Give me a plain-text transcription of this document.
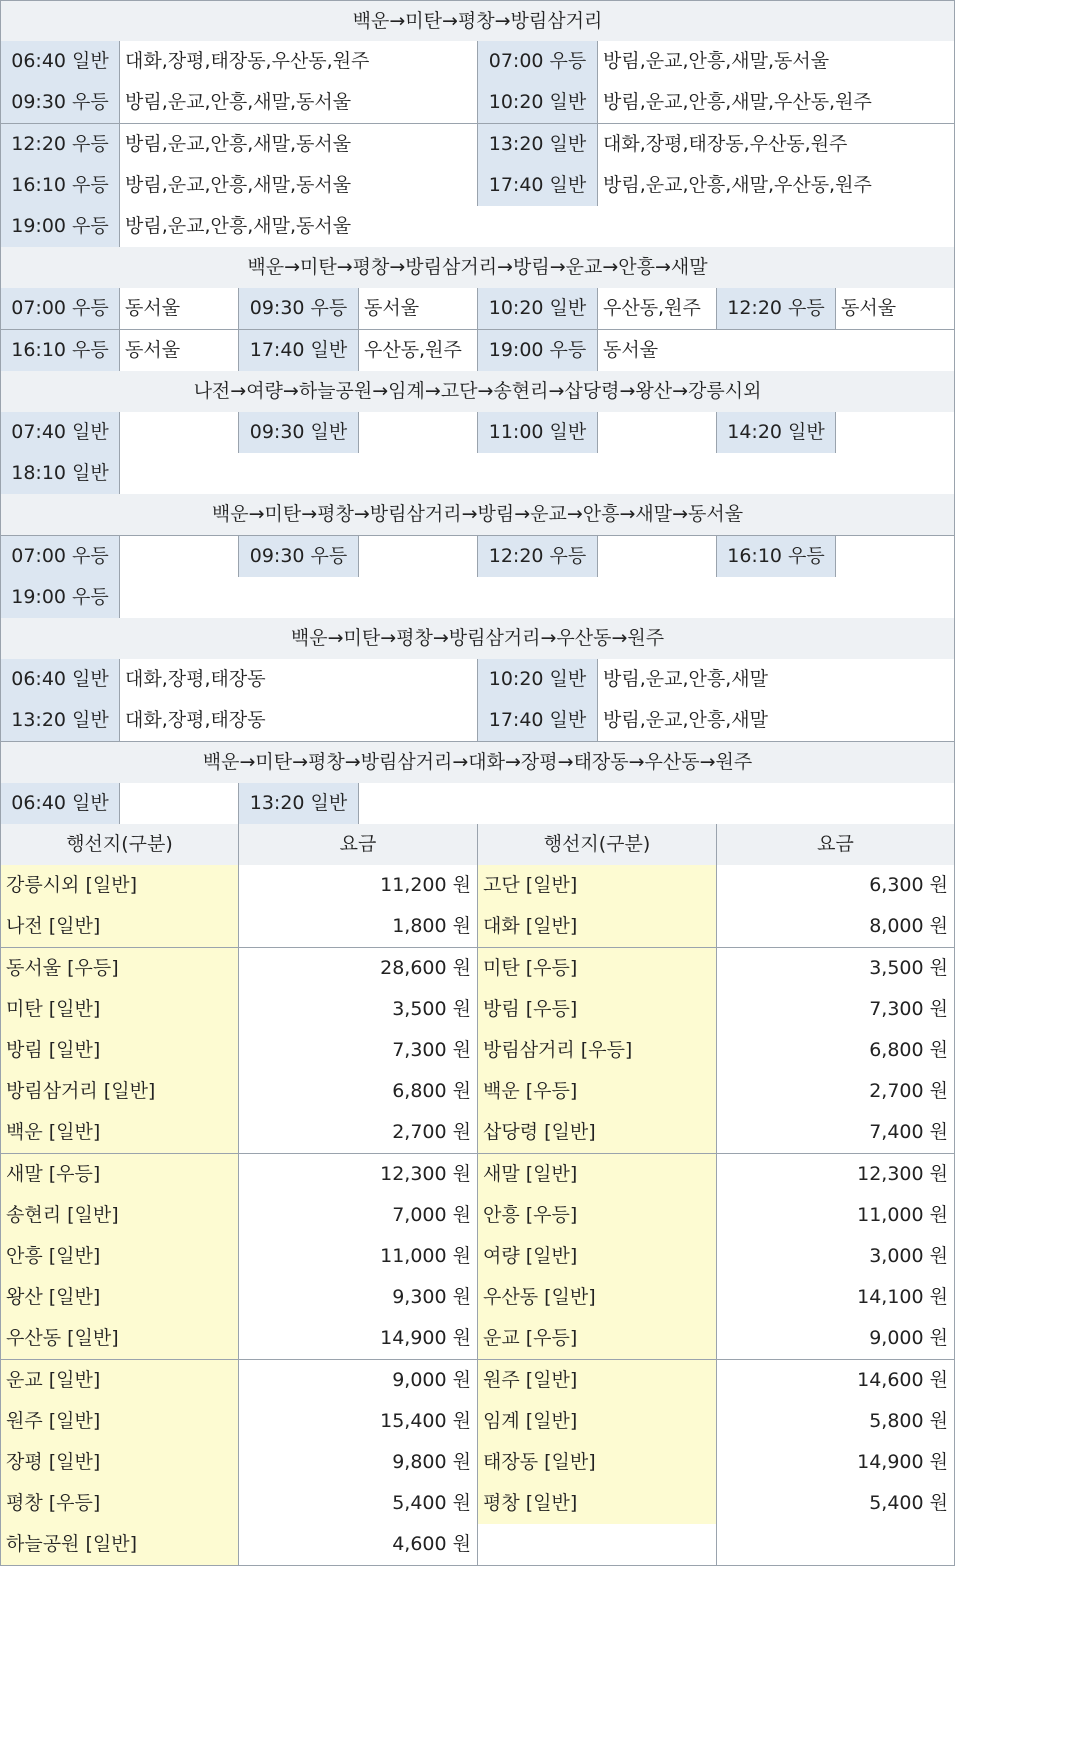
백운→미탄→평창→방림삼거리
06:40 일반 대화,장평,태장동,우산동,원주	07:00 우등 방림,운교,안흥,새말,동서울
09:30 우등 방림,운교,안흥,새말,동서울	10:20 일반 방림,운교,안흥,새말,우산동,원주
12:20 우등 방림,운교,안흥,새말,동서울	13:20 일반 대화,장평,태장동,우산동,원주
16:10 우등 방림,운교,안흥,새말,동서울	17:40 일반 방림,운교,안흥,새말,우산동,원주
19:00 우등 방림,운교,안흥,새말,동서울
백운→미탄→평창→방림삼거리→방림→운교→안흥→새말
07:00 우등 동서울	09:30 우등 동서울	10:20 일반 우산동,원주	12:20 우등 동서울
16:10 우등 동서울	17:40 일반 우산동,원주	19:00 우등 동서울
나전→여량→하늘공원→임계→고단→송현리→삽당령→왕산→강릉시외
07:40 일반	09:30 일반	11:00 일반	14:20 일반
18:10 일반
백운→미탄→평창→방림삼거리→방림→운교→안흥→새말→동서울
07:00 우등	09:30 우등	12:20 우등	16:10 우등
19:00 우등
백운→미탄→평창→방림삼거리→우산동→원주
06:40 일반 대화,장평,태장동	10:20 일반 방림,운교,안흥,새말
13:20 일반 대화,장평,태장동	17:40 일반 방림,운교,안흥,새말
백운→미탄→평창→방림삼거리→대화→장평→태장동→우산동→원주
06:40 일반	13:20 일반
행선지(구분)	요금	행선지(구분)	요금
강릉시외 [일반]	11,200 원 고단 [일반]	6,300 원
나전 [일반]	1,800 원 대화 [일반]	8,000 원
동서울 [우등]	28,600 원 미탄 [우등]	3,500 원
미탄 [일반]	3,500 원 방림 [우등]	7,300 원
방림 [일반]	7,300 원 방림삼거리 [우등]	6,800 원
방림삼거리 [일반]	6,800 원 백운 [우등]	2,700 원
백운 [일반]	2,700 원 삽당령 [일반]	7,400 원
새말 [우등]	12,300 원 새말 [일반]	12,300 원
송현리 [일반]	7,000 원 안흥 [우등]	11,000 원
안흥 [일반]	11,000 원 여량 [일반]	3,000 원
왕산 [일반]	9,300 원 우산동 [일반]	14,100 원
우산동 [일반]	14,900 원 운교 [우등]	9,000 원
운교 [일반]	9,000 원 원주 [일반]	14,600 원
원주 [일반]	15,400 원 임계 [일반]	5,800 원
장평 [일반]	9,800 원 태장동 [일반]	14,900 원
평창 [우등]	5,400 원 평창 [일반]	5,400 원
하늘공원 [일반]	4,600 원
